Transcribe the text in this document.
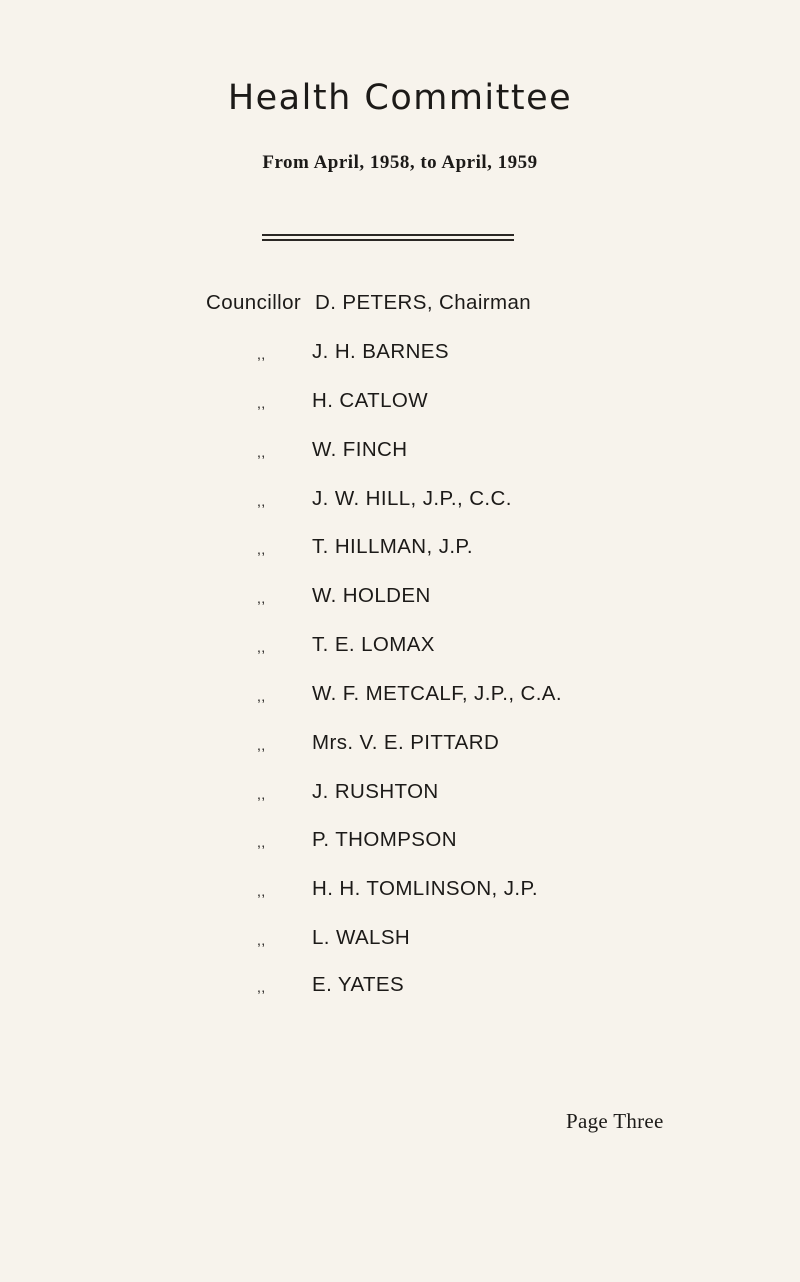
Health Committee
From April, 1958, to April, 1959
Councillor D. PETERS, Chairman
,, J. H. BARNES
,, H. CATLOW
,, W. FINCH
,, J. W. HILL, J.P., C.C.
,, T. HILLMAN, J.P.
,, W. HOLDEN
,, T. E. LOMAX
,, W. F. METCALF, J.P., C.A.
,, Mrs. V. E. PITTARD
,, J. RUSHTON
,, P. THOMPSON
,, H. H. TOMLINSON, J.P.
,, L. WALSH
,, E. YATES
Page Three
